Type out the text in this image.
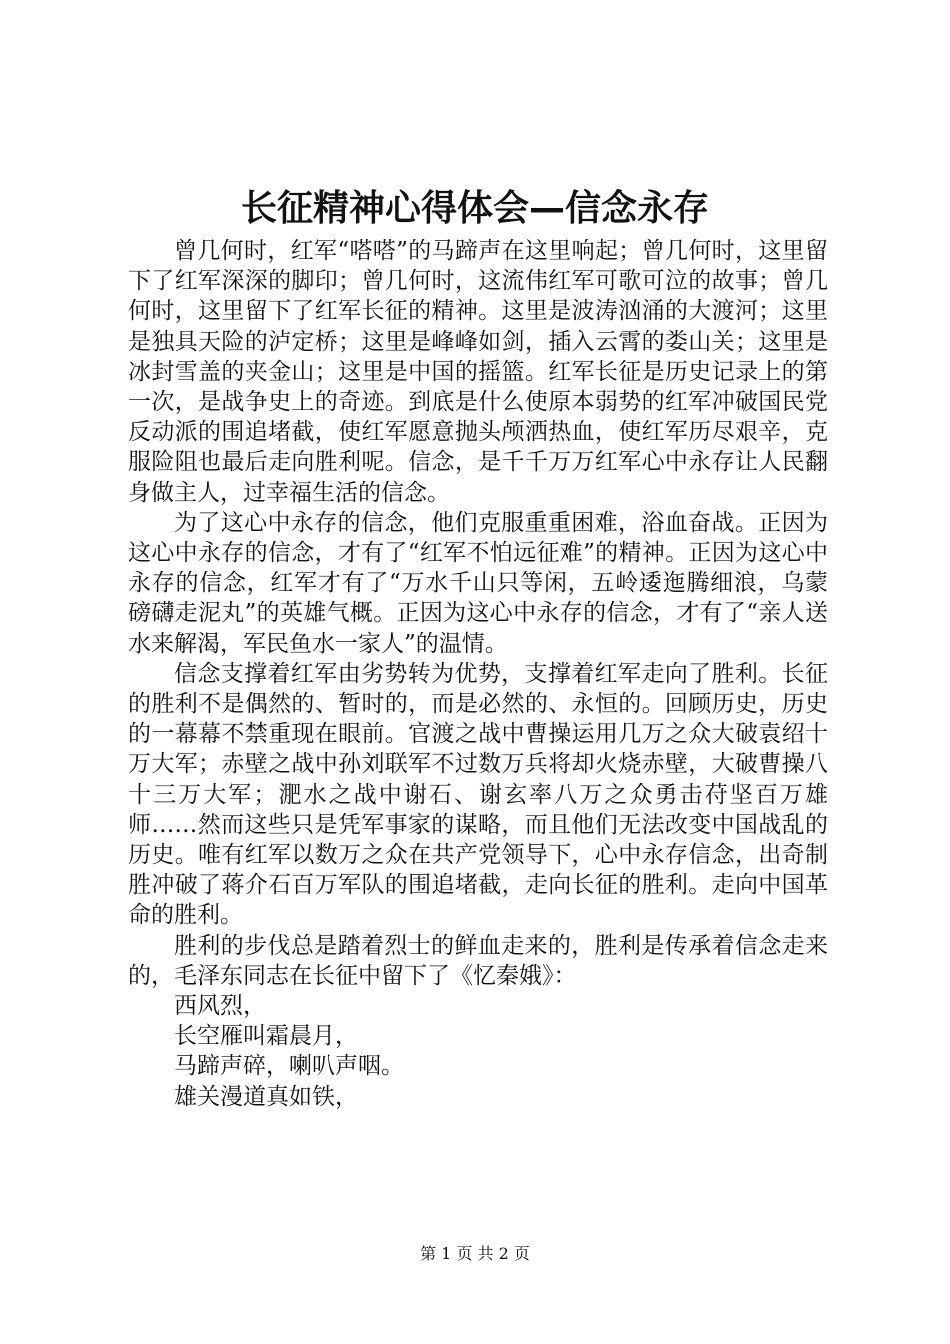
长征精神心得体会—信念永存

曾几何时，红军“嗒嗒”的马蹄声在这里响起；曾几何时，这里留下了红军深深的脚印；曾几何时，这流伟红军可歌可泣的故事；曾几何时，这里留下了红军长征的精神。这里是波涛汹涌的大渡河；这里是独具天险的泸定桥；这里是峰峰如剑，插入云霄的娄山关；这里是冰封雪盖的夹金山；这里是中国的摇篮。红军长征是历史记录上的第一次，是战争史上的奇迹。到底是什么使原本弱势的红军冲破国民党反动派的围追堵截，使红军愿意抛头颅洒热血，使红军历尽艰辛，克服险阻也最后走向胜利呢。信念，是千千万万红军心中永存让人民翻身做主人，过幸福生活的信念。

为了这心中永存的信念，他们克服重重困难，浴血奋战。正因为这心中永存的信念，才有了“红军不怕远征难”的精神。正因为这心中永存的信念，红军才有了“万水千山只等闲，五岭逶迤腾细浪，乌蒙磅礴走泥丸”的英雄气概。正因为这心中永存的信念，才有了“亲人送水来解渴，军民鱼水一家人”的温情。

信念支撑着红军由劣势转为优势，支撑着红军走向了胜利。长征的胜利不是偶然的、暂时的，而是必然的、永恒的。回顾历史，历史的一幕幕不禁重现在眼前。官渡之战中曹操运用几万之众大破袁绍十万大军；赤壁之战中孙刘联军不过数万兵将却火烧赤壁，大破曹操八十三万大军；淝水之战中谢石、谢玄率八万之众勇击苻坚百万雄师……然而这些只是凭军事家的谋略，而且他们无法改变中国战乱的历史。唯有红军以数万之众在共产党领导下，心中永存信念，出奇制胜冲破了蒋介石百万军队的围追堵截，走向长征的胜利。走向中国革命的胜利。

胜利的步伐总是踏着烈士的鲜血走来的，胜利是传承着信念走来的，毛泽东同志在长征中留下了《忆秦娥》：

西风烈，

长空雁叫霜晨月，

马蹄声碎，喇叭声咽。

雄关漫道真如铁，

第 1 页 共 2 页
